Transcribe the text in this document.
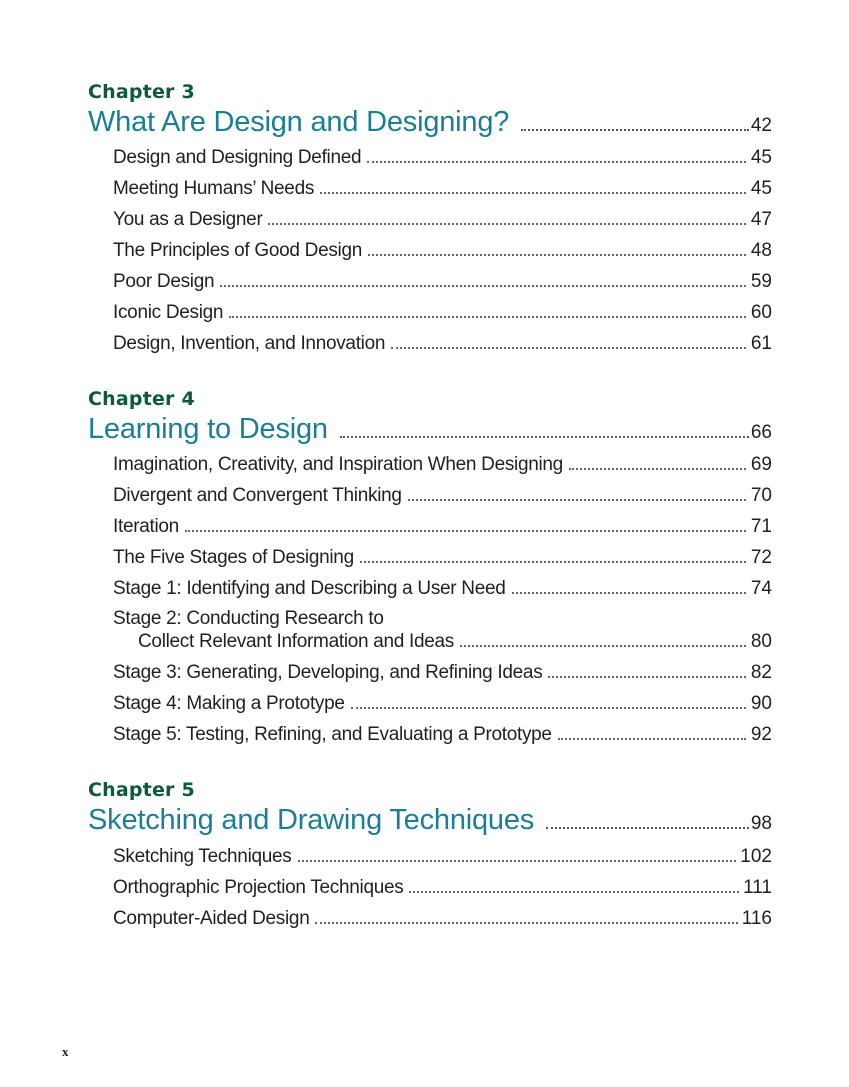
Chapter 3
What Are Design and Designing?	42
Design and Designing Defined	45
Meeting Humans’ Needs	45
You as a Designer	47
The Principles of Good Design	48
Poor Design	59
Iconic Design	60
Design, Invention, and Innovation	61
Chapter 4
Learning to Design	66
Imagination, Creativity, and Inspiration When Designing	69
Divergent and Convergent Thinking	70
Iteration	71
The Five Stages of Designing	72
Stage 1: Identifying and Describing a User Need	74
Stage 2: Conducting Research to
Collect Relevant Information and Ideas	80
Stage 3: Generating, Developing, and Refining Ideas	82
Stage 4: Making a Prototype	90
Stage 5: Testing, Refining, and Evaluating a Prototype	92
Chapter 5
Sketching and Drawing Techniques	98
Sketching Techniques	102
Orthographic Projection Techniques	111
Computer-Aided Design	116
x
